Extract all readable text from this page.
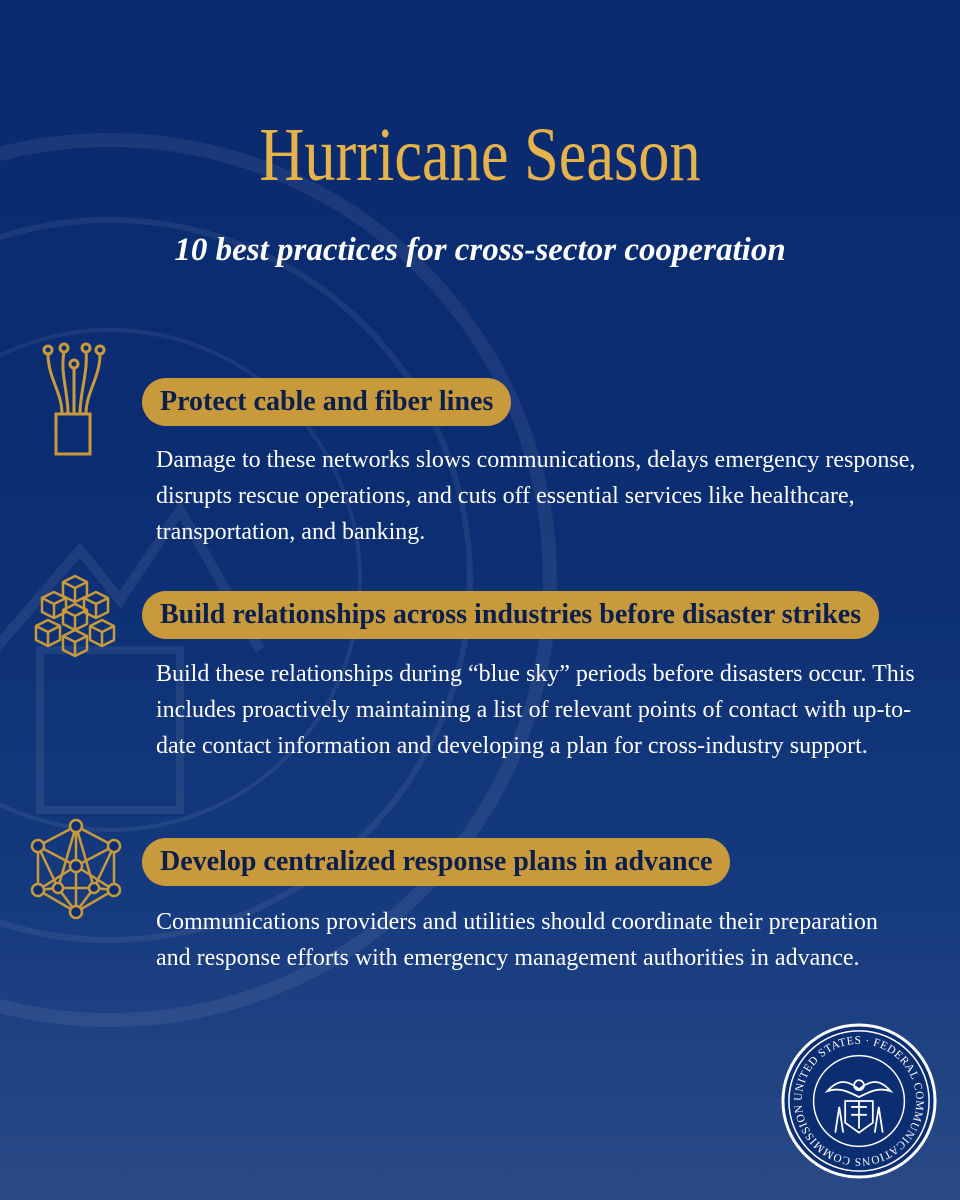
Hurricane Season
10 best practices for cross-sector cooperation
Protect cable and fiber lines
Damage to these networks slows communications, delays emergency response, disrupts rescue operations, and cuts off essential services like healthcare, transportation, and banking.
Build relationships across industries before disaster strikes
Build these relationships during “blue sky” periods before disasters occur. This includes proactively maintaining a list of relevant points of contact with up-to-date contact information and developing a plan for cross-industry support.
Develop centralized response plans in advance
Communications providers and utilities should coordinate their preparation and response efforts with emergency management authorities in advance.
UNITED STATES · FEDERAL COMMUNICATIONS COMMISSION
